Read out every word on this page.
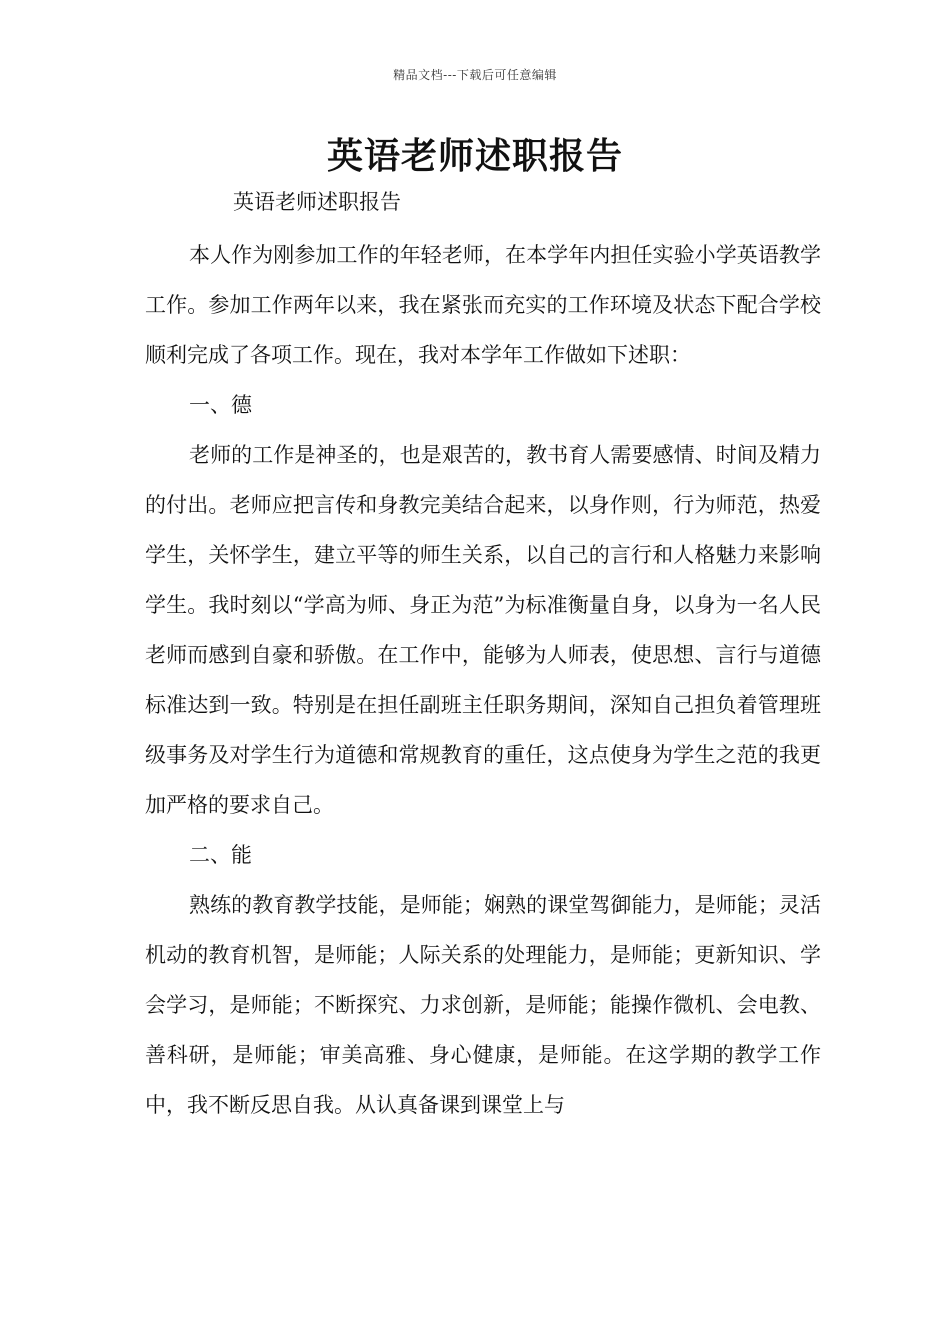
精品文档---下载后可任意编辑
英语老师述职报告

英语老师述职报告

本人作为刚参加工作的年轻老师，在本学年内担任实验小学英语教学工作。参加工作两年以来，我在紧张而充实的工作环境及状态下配合学校顺利完成了各项工作。现在，我对本学年工作做如下述职：

一、德

老师的工作是神圣的，也是艰苦的，教书育人需要感情、时间及精力的付出。老师应把言传和身教完美结合起来，以身作则，行为师范，热爱学生，关怀学生，建立平等的师生关系，以自己的言行和人格魅力来影响学生。我时刻以“学高为师、身正为范”为标准衡量自身，以身为一名人民老师而感到自豪和骄傲。在工作中，能够为人师表，使思想、言行与道德标准达到一致。特别是在担任副班主任职务期间，深知自己担负着管理班级事务及对学生行为道德和常规教育的重任，这点使身为学生之范的我更加严格的要求自己。

二、能

熟练的教育教学技能，是师能；娴熟的课堂驾御能力，是师能；灵活机动的教育机智，是师能；人际关系的处理能力，是师能；更新知识、学会学习，是师能；不断探究、力求创新，是师能；能操作微机、会电教、善科研，是师能；审美高雅、身心健康，是师能。在这学期的教学工作中，我不断反思自我。从认真备课到课堂上与
